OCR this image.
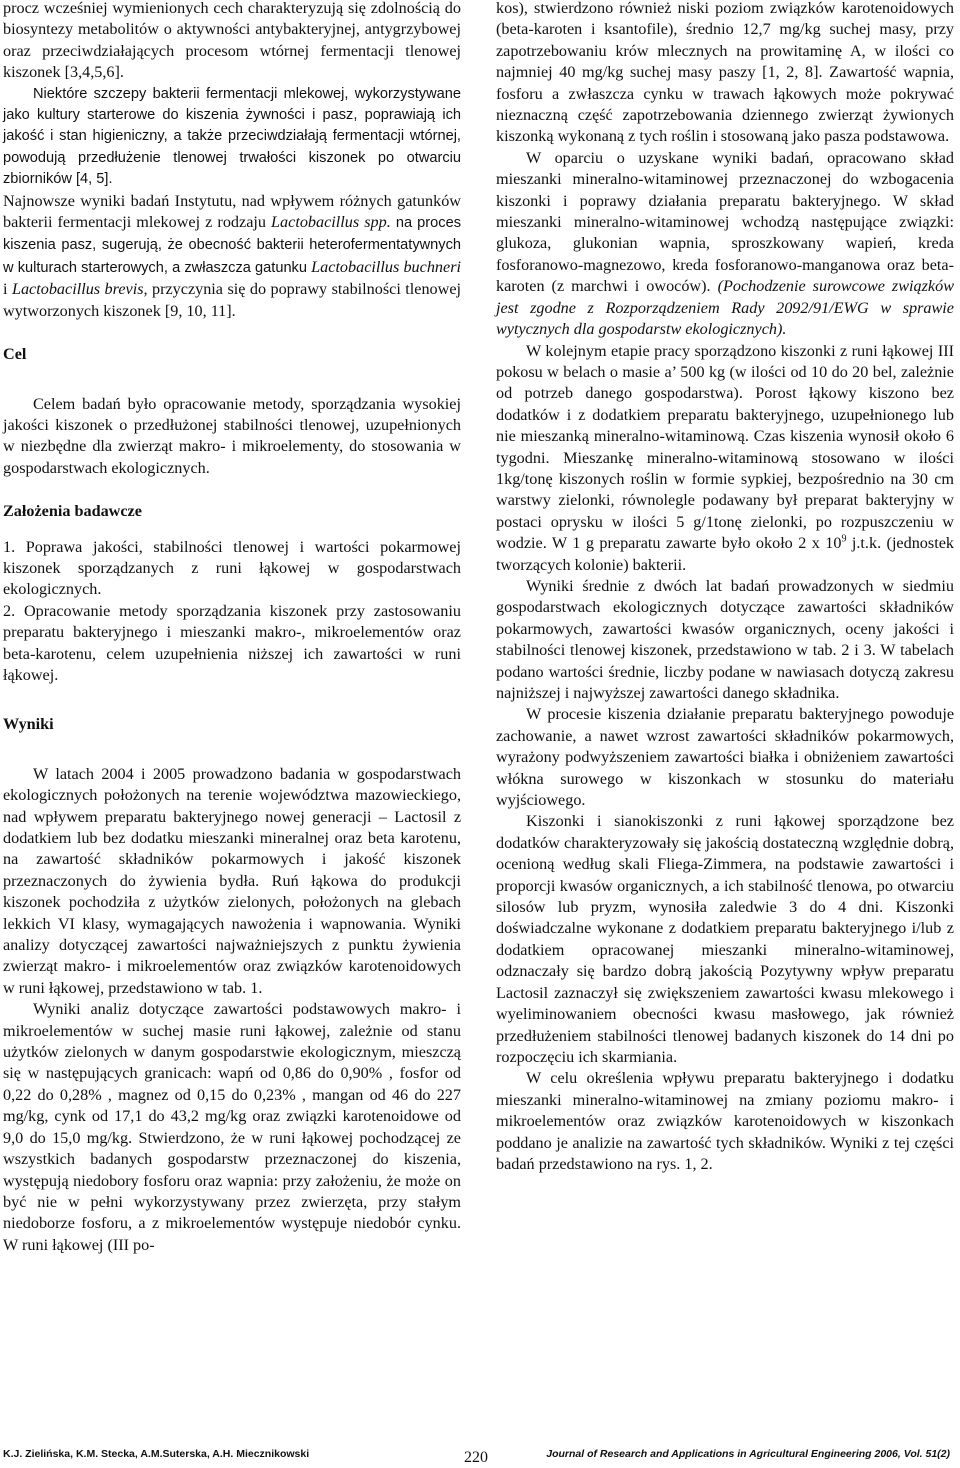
procz wcześniej wymienionych cech charakteryzują się zdolnością do biosyntezy metabolitów o aktywności antybakteryjnej, antygrzybowej oraz przeciwdziałających procesom wtórnej fermentacji tlenowej kiszonek [3,4,5,6].

Niektóre szczepy bakterii fermentacji mlekowej, wykorzystywane jako kultury starterowe do kiszenia żywności i pasz, poprawiają ich jakość i stan higieniczny, a także przeciwdziałają fermentacji wtórnej, powodują przedłużenie tlenowej trwałości kiszonek po otwarciu zbiorników [4, 5].

Najnowsze wyniki badań Instytutu, nad wpływem różnych gatunków bakterii fermentacji mlekowej z rodzaju Lactobacillus spp. na proces kiszenia pasz, sugerują, że obecność bakterii heterofermentatywnych w kulturach starterowych, a zwłaszcza gatunku Lactobacillus buchneri i Lactobacillus brevis, przyczynia się do poprawy stabilności tlenowej wytworzonych kiszonek [9, 10, 11].

Cel

Celem badań było opracowanie metody, sporządzania wysokiej jakości kiszonek o przedłużonej stabilności tlenowej, uzupełnionych w niezbędne dla zwierząt makro- i mikroelementy, do stosowania w gospodarstwach ekologicznych.

Założenia badawcze

1. Poprawa jakości, stabilności tlenowej i wartości pokarmowej kiszonek sporządzanych z runi łąkowej w gospodarstwach ekologicznych.

2. Opracowanie metody sporządzania kiszonek przy zastosowaniu preparatu bakteryjnego i mieszanki makro-, mikroelementów oraz beta-karotenu, celem uzupełnienia niższej ich zawartości w runi łąkowej.

Wyniki

W latach 2004 i 2005 prowadzono badania w gospodarstwach ekologicznych położonych na terenie województwa mazowieckiego, nad wpływem preparatu bakteryjnego nowej generacji – Lactosil z dodatkiem lub bez dodatku mieszanki mineralnej oraz beta karotenu, na zawartość składników pokarmowych i jakość kiszonek przeznaczonych do żywienia bydła. Ruń łąkowa do produkcji kiszonek pochodziła z użytków zielonych, położonych na glebach lekkich VI klasy, wymagających nawożenia i wapnowania. Wyniki analizy dotyczącej zawartości najważniejszych z punktu żywienia zwierząt makro- i mikroelementów oraz związków karotenoidowych w runi łąkowej, przedstawiono w tab. 1.

Wyniki analiz dotyczące zawartości podstawowych makro- i mikroelementów w suchej masie runi łąkowej, zależnie od stanu użytków zielonych w danym gospodarstwie ekologicznym, mieszczą się w następujących granicach: wapń od 0,86 do 0,90% , fosfor od 0,22 do 0,28% , magnez od 0,15 do 0,23% , mangan od 46 do 227 mg/kg, cynk od 17,1 do 43,2 mg/kg oraz związki karotenoidowe od 9,0 do 15,0 mg/kg. Stwierdzono, że w runi łąkowej pochodzącej ze wszystkich badanych gospodarstw przeznaczonej do kiszenia, występują niedobory fosforu oraz wapnia: przy założeniu, że może on być nie w pełni wykorzystywany przez zwierzęta, przy stałym niedoborze fosforu, a z mikroelementów występuje niedobór cynku. W runi łąkowej (III po-

kos), stwierdzono również niski poziom związków karotenoidowych (beta-karoten i ksantofile), średnio 12,7 mg/kg suchej masy, przy zapotrzebowaniu krów mlecznych na prowitaminę A, w ilości co najmniej 40 mg/kg suchej masy paszy [1, 2, 8]. Zawartość wapnia, fosforu a zwłaszcza cynku w trawach łąkowych może pokrywać nieznaczną część zapotrzebowania dziennego zwierząt żywionych kiszonką wykonaną z tych roślin i stosowaną jako pasza podstawowa.

W oparciu o uzyskane wyniki badań, opracowano skład mieszanki mineralno-witaminowej przeznaczonej do wzbogacenia kiszonki i poprawy działania preparatu bakteryjnego. W skład mieszanki mineralno-witaminowej wchodzą następujące związki: glukoza, glukonian wapnia, sproszkowany wapień, kreda fosforanowo-magnezowo, kreda fosforanowo-manganowa oraz beta-karoten (z marchwi i owoców). (Pochodzenie surowcowe związków jest zgodne z Rozporządzeniem Rady 2092/91/EWG w sprawie wytycznych dla gospodarstw ekologicznych).

W kolejnym etapie pracy sporządzono kiszonki z runi łąkowej III pokosu w belach o masie a’ 500 kg (w ilości od 10 do 20 bel, zależnie od potrzeb danego gospodarstwa). Porost łąkowy kiszono bez dodatków i z dodatkiem preparatu bakteryjnego, uzupełnionego lub nie mieszanką mineralno-witaminową. Czas kiszenia wynosił około 6 tygodni. Mieszankę mineralno-witaminową stosowano w ilości 1kg/tonę kiszonych roślin w formie sypkiej, bezpośrednio na 30 cm warstwy zielonki, równolegle podawany był preparat bakteryjny w postaci oprysku w ilości 5 g/1tonę zielonki, po rozpuszczeniu w wodzie. W 1 g preparatu zawarte było około 2 x $10^9$ j.t.k. (jednostek tworzących kolonie) bakterii.

Wyniki średnie z dwóch lat badań prowadzonych w siedmiu gospodarstwach ekologicznych dotyczące zawartości składników pokarmowych, zawartości kwasów organicznych, oceny jakości i stabilności tlenowej kiszonek, przedstawiono w tab. 2 i 3. W tabelach podano wartości średnie, liczby podane w nawiasach dotyczą zakresu najniższej i najwyższej zawartości danego składnika.

W procesie kiszenia działanie preparatu bakteryjnego powoduje zachowanie, a nawet wzrost zawartości składników pokarmowych, wyrażony podwyższeniem zawartości białka i obniżeniem zawartości włókna surowego w kiszonkach w stosunku do materiału wyjściowego.

Kiszonki i sianokiszonki z runi łąkowej sporządzone bez dodatków charakteryzowały się jakością dostateczną względnie dobrą, ocenioną według skali Fliega-Zimmera, na podstawie zawartości i proporcji kwasów organicznych, a ich stabilność tlenowa, po otwarciu silosów lub pryzm, wynosiła zaledwie 3 do 4 dni. Kiszonki doświadczalne wykonane z dodatkiem preparatu bakteryjnego i/lub z dodatkiem opracowanej mieszanki mineralno-witaminowej, odznaczały się bardzo dobrą jakością Pozytywny wpływ preparatu Lactosil zaznaczył się zwiększeniem zawartości kwasu mlekowego i wyeliminowaniem obecności kwasu masłowego, jak również przedłużeniem stabilności tlenowej badanych kiszonek do 14 dni po rozpoczęciu ich skarmiania.

W celu określenia wpływu preparatu bakteryjnego i dodatku mieszanki mineralno-witaminowej na zmiany poziomu makro- i mikroelementów oraz związków karotenoidowych w kiszonkach poddano je analizie na zawartość tych składników. Wyniki z tej części badań przedstawiono na rys. 1, 2.

K.J. Zielińska, K.M. Stecka, A.M.Suterska, A.H. Miecznikowski	220	Journal of Research and Applications in Agricultural Engineering 2006, Vol. 51(2)
